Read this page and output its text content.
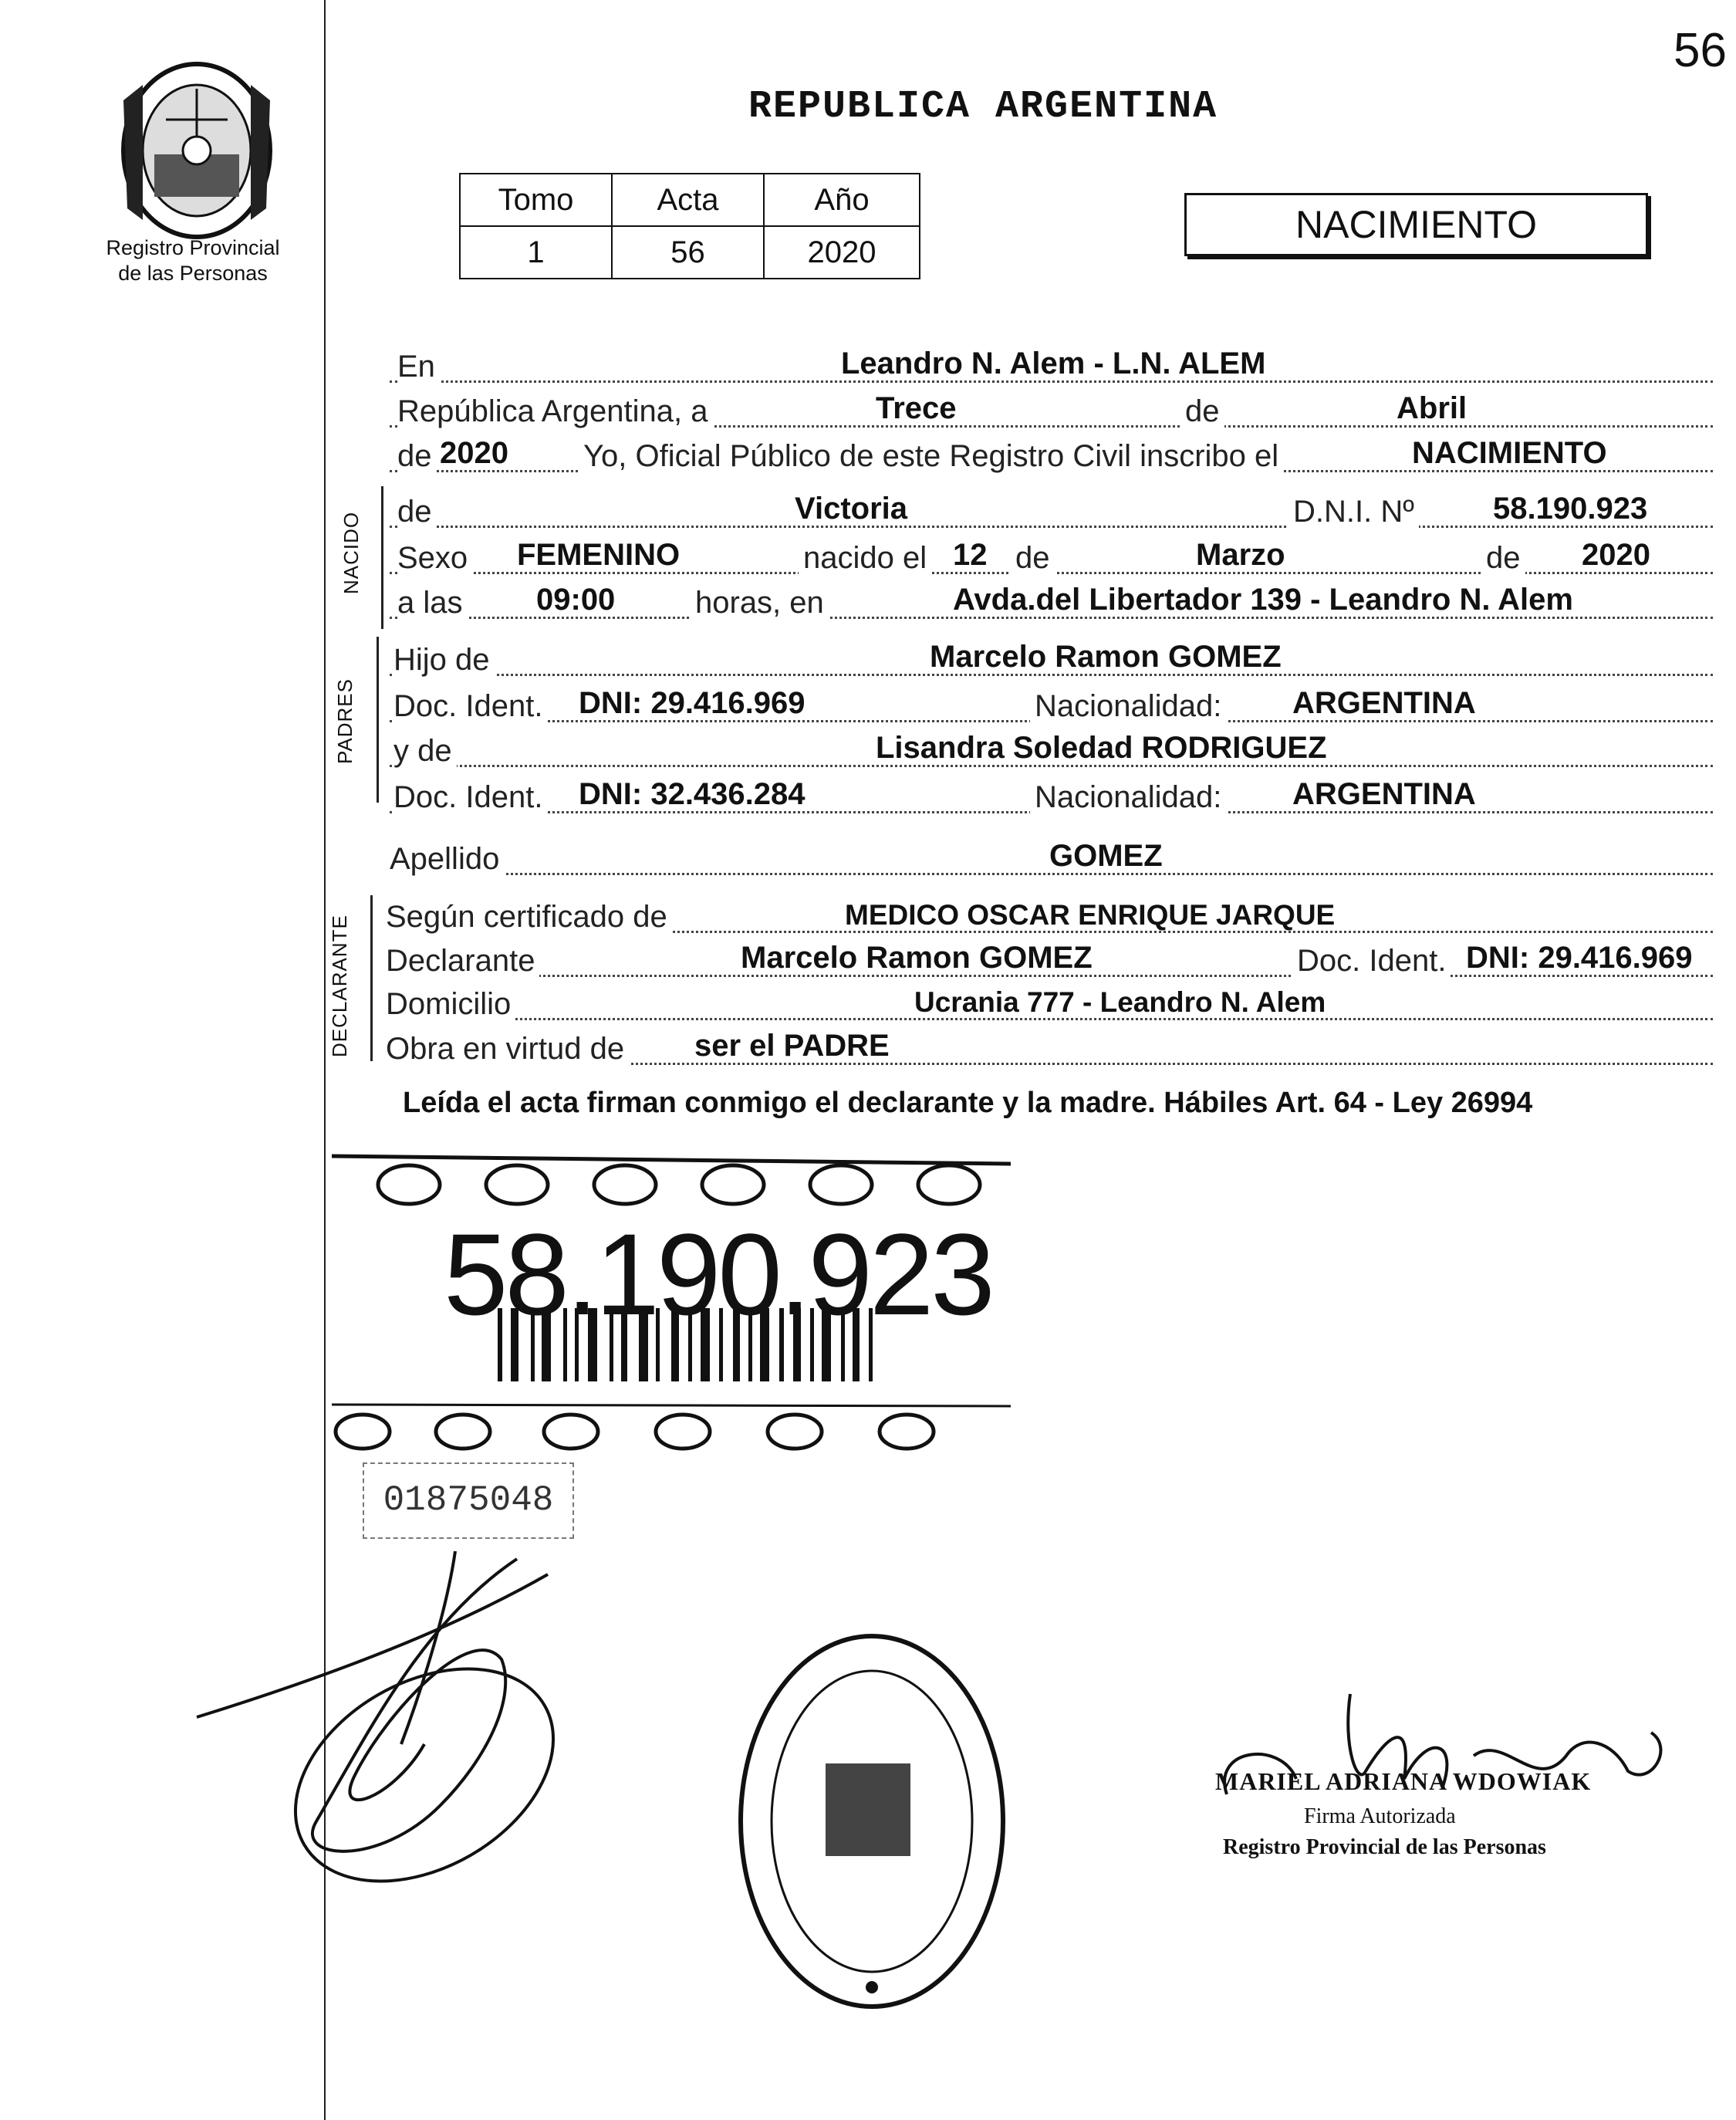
56
Registro Provincial
de las Personas
REPUBLICA ARGENTINA
Tomo	Acta	Año
1	56	2020
NACIMIENTO
En	Leandro N. Alem - L.N. ALEM
República Argentina, a	Trece	de	Abril
de 2020 Yo, Oficial Público de este Registro Civil inscribo el	NACIMIENTO
NACIDO de	Victoria	D.N.I. Nº	58.190.923
Sexo FEMENINO	nacido el 12 de	Marzo	de 2020
a las 09:00	horas, en	Avda.del Libertador 139 - Leandro N. Alem
PADRES
Hijo de	Marcelo Ramon GOMEZ
Doc. Ident. DNI: 29.416.969	Nacionalidad: ARGENTINA
y de	Lisandra Soledad RODRIGUEZ
Doc. Ident. DNI: 32.436.284	Nacionalidad: ARGENTINA
Apellido	GOMEZ
DECLARANTE Según certificado de	MEDICO OSCAR ENRIQUE JARQUE
Declarante	Marcelo Ramon GOMEZ	Doc. Ident. DNI: 29.416.969
Domicilio	Ucrania 777 - Leandro N. Alem
Obra en virtud de ser el PADRE
Leída el acta firman conmigo el declarante y la madre. Hábiles Art. 64 - Ley 26994
58.190.923
01875048
MARIEL ADRIANA WDOWIAK
Firma Autorizada
Registro Provincial de las Personas
